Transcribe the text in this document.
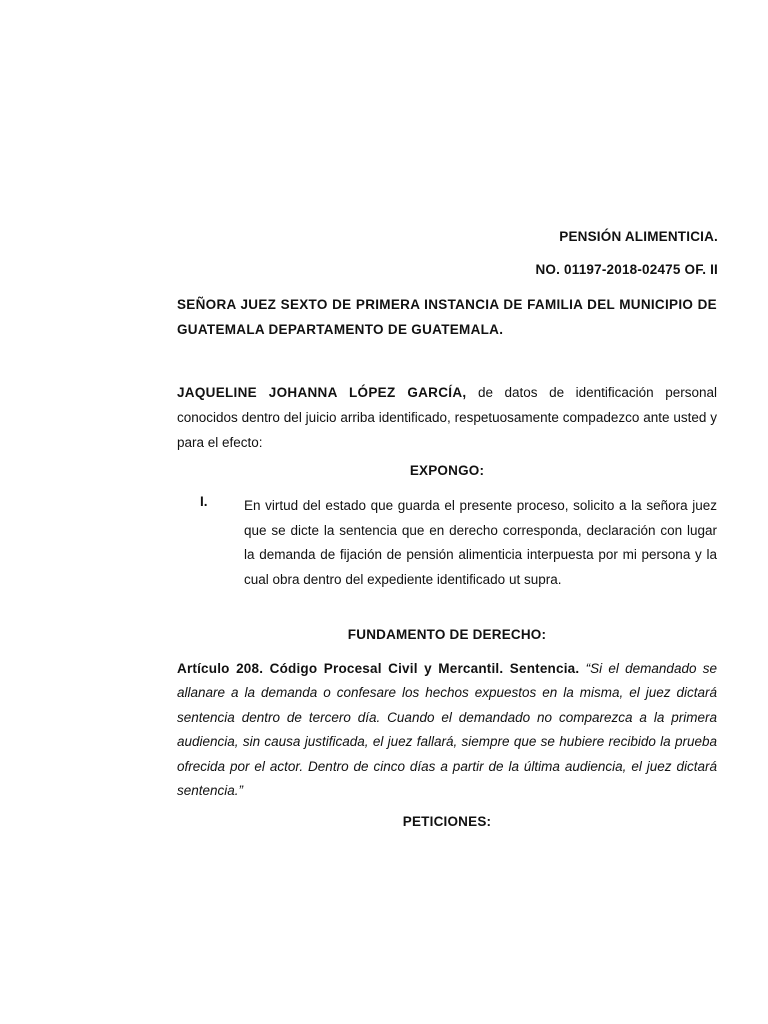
PENSIÓN ALIMENTICIA.
NO. 01197-2018-02475 OF. II
SEÑORA JUEZ SEXTO DE PRIMERA INSTANCIA DE FAMILIA DEL MUNICIPIO DE GUATEMALA DEPARTAMENTO DE GUATEMALA.
JAQUELINE JOHANNA LÓPEZ GARCÍA, de datos de identificación personal conocidos dentro del juicio arriba identificado, respetuosamente compadezco ante usted y para el efecto:
EXPONGO:
I.	En virtud del estado que guarda el presente proceso, solicito a la señora juez que se dicte la sentencia que en derecho corresponda, declaración con lugar la demanda de fijación de pensión alimenticia interpuesta por mi persona y la cual obra dentro del expediente identificado ut supra.
FUNDAMENTO DE DERECHO:
Artículo 208. Código Procesal Civil y Mercantil. Sentencia. “Si el demandado se allanare a la demanda o confesare los hechos expuestos en la misma, el juez dictará sentencia dentro de tercero día. Cuando el demandado no comparezca a la primera audiencia, sin causa justificada, el juez fallará, siempre que se hubiere recibido la prueba ofrecida por el actor. Dentro de cinco días a partir de la última audiencia, el juez dictará sentencia.”
PETICIONES:
